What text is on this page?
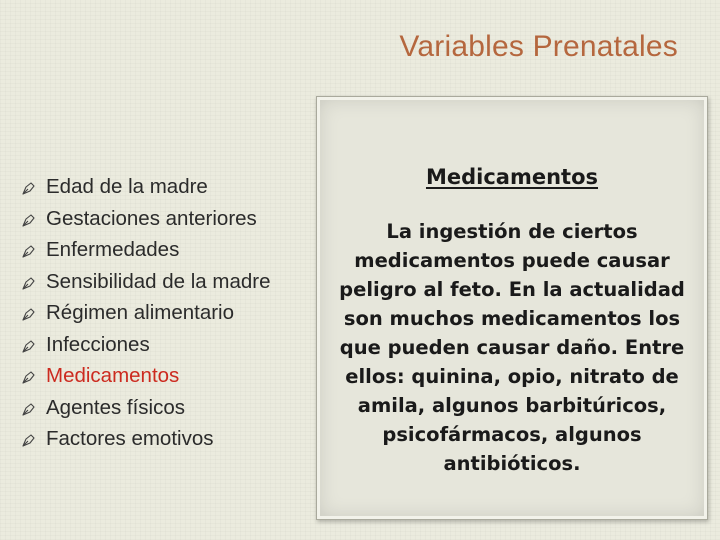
Variables Prenatales
Edad de la madre
Gestaciones anteriores
Enfermedades
Sensibilidad de la madre
Régimen alimentario
Infecciones
Medicamentos
Agentes físicos
Factores emotivos
Medicamentos
La ingestión de ciertos medicamentos puede causar peligro al feto. En la actualidad son muchos medicamentos los que pueden causar daño. Entre ellos: quinina, opio, nitrato de amila, algunos barbitúricos, psicofármacos, algunos antibióticos.
